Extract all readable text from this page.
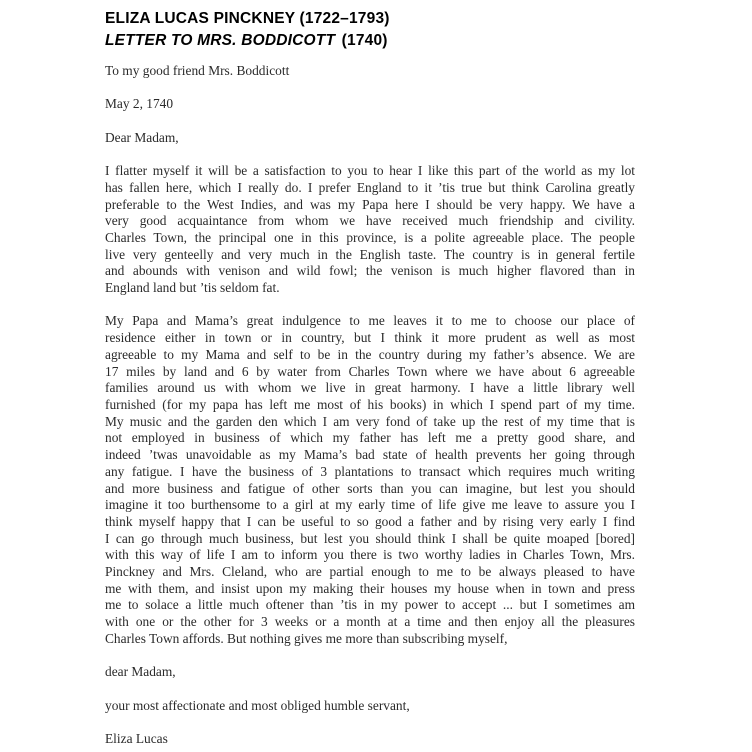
ELIZA LUCAS PINCKNEY (1722–1793)
LETTER TO MRS. BODDICOTT (1740)

To my good friend Mrs. Boddicott

May 2, 1740

Dear Madam,

I flatter myself it will be a satisfaction to you to hear I like this part of the world as my lot
has fallen here, which I really do. I prefer England to it ’tis true but think Carolina greatly
preferable to the West Indies, and was my Papa here I should be very happy. We have a
very good acquaintance from whom we have received much friendship and civility.
Charles Town, the principal one in this province, is a polite agreeable place. The people
live very genteelly and very much in the English taste. The country is in general fertile
and abounds with venison and wild fowl; the venison is much higher flavored than in
England land but ’tis seldom fat.
My Papa and Mama’s great indulgence to me leaves it to me to choose our place of
residence either in town or in country, but I think it more prudent as well as most
agreeable to my Mama and self to be in the country during my father’s absence. We are
17 miles by land and 6 by water from Charles Town where we have about 6 agreeable
families around us with whom we live in great harmony. I have a little library well
furnished (for my papa has left me most of his books) in which I spend part of my time.
My music and the garden den which I am very fond of take up the rest of my time that is
not employed in business of which my father has left me a pretty good share, and
indeed ’twas unavoidable as my Mama’s bad state of health prevents her going through
any fatigue. I have the business of 3 plantations to transact which requires much writing
and more business and fatigue of other sorts than you can imagine, but lest you should
imagine it too burthensome to a girl at my early time of life give me leave to assure you I
think myself happy that I can be useful to so good a father and by rising very early I find
I can go through much business, but lest you should think I shall be quite moaped [bored]
with this way of life I am to inform you there is two worthy ladies in Charles Town, Mrs.
Pinckney and Mrs. Cleland, who are partial enough to me to be always pleased to have
me with them, and insist upon my making their houses my house when in town and press
me to solace a little much oftener than ’tis in my power to accept ... but I sometimes am
with one or the other for 3 weeks or a month at a time and then enjoy all the pleasures
Charles Town affords. But nothing gives me more than subscribing myself,

dear Madam,

your most affectionate and most obliged humble servant,

Eliza Lucas
